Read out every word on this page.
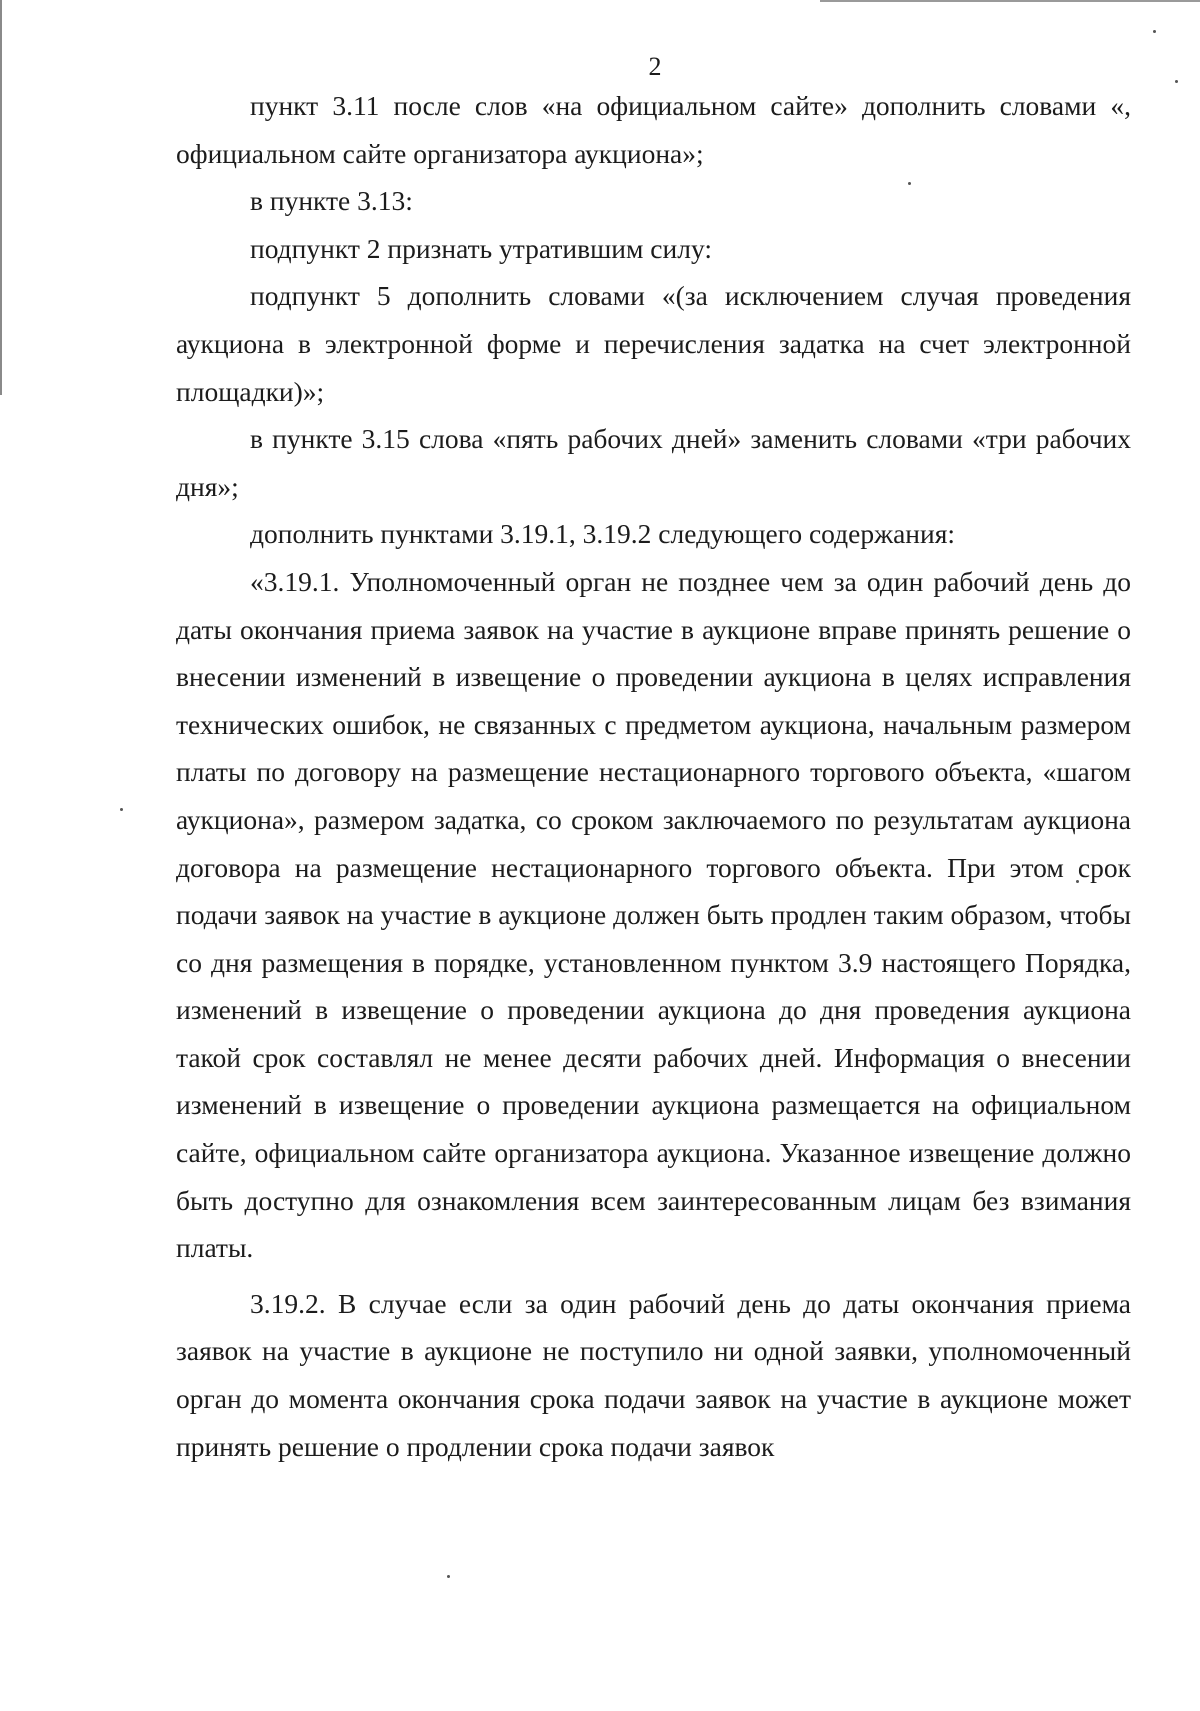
2

пункт 3.11 после слов «на официальном сайте» дополнить словами «, официальном сайте организатора аукциона»;

в пункте 3.13:

подпункт 2 признать утратившим силу:

подпункт 5 дополнить словами «(за исключением случая проведения аукциона в электронной форме и перечисления задатка на счет электронной площадки)»;

в пункте 3.15 слова «пять рабочих дней» заменить словами «три рабочих дня»;

дополнить пунктами 3.19.1, 3.19.2 следующего содержания:

«3.19.1. Уполномоченный орган не позднее чем за один рабочий день до даты окончания приема заявок на участие в аукционе вправе принять решение о внесении изменений в извещение о проведении аукциона в целях исправления технических ошибок, не связанных с предметом аукциона, начальным размером платы по договору на размещение нестационарного торгового объекта, «шагом аукциона», размером задатка, со сроком заключаемого по результатам аукциона договора на размещение нестационарного торгового объекта. При этом срок подачи заявок на участие в аукционе должен быть продлен таким образом, чтобы со дня размещения в порядке, установленном пунктом 3.9 настоящего Порядка, изменений в извещение о проведении аукциона до дня проведения аукциона такой срок составлял не менее десяти рабочих дней. Информация о внесении изменений в извещение о проведении аукциона размещается на официальном сайте, официальном сайте организатора аукциона. Указанное извещение должно быть доступно для ознакомления всем заинтересованным лицам без взимания платы.

3.19.2. В случае если за один рабочий день до даты окончания приема заявок на участие в аукционе не поступило ни одной заявки, уполномоченный орган до момента окончания срока подачи заявок на участие в аукционе может принять решение о продлении срока подачи заявок
